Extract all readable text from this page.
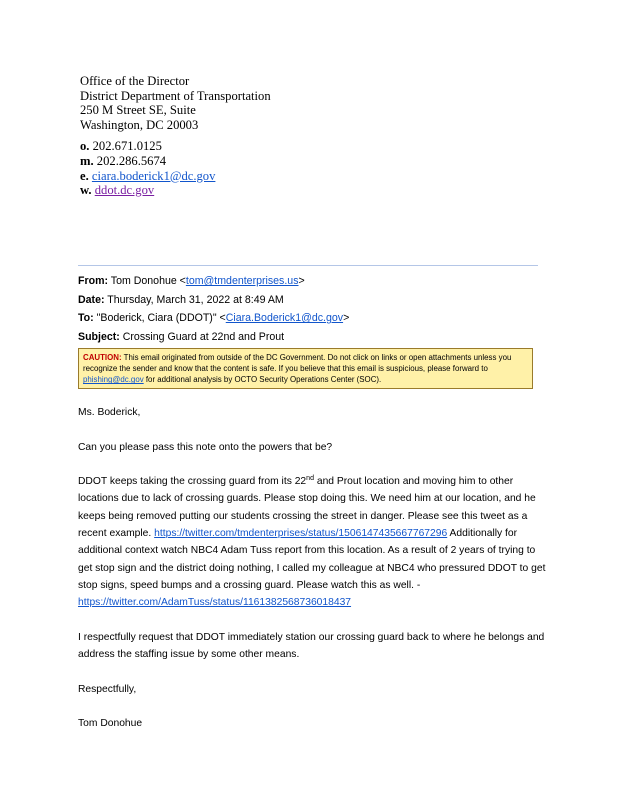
Office of the Director
District Department of Transportation
250 M Street SE, Suite
Washington, DC 20003
o. 202.671.0125
m. 202.286.5674
e. ciara.boderick1@dc.gov
w. ddot.dc.gov
From: Tom Donohue <tom@tmdenterprises.us>
Date: Thursday, March 31, 2022 at 8:49 AM
To: "Boderick, Ciara (DDOT)" <Ciara.Boderick1@dc.gov>
Subject: Crossing Guard at 22nd and Prout
CAUTION: This email originated from outside of the DC Government. Do not click on links or open attachments unless you recognize the sender and know that the content is safe. If you believe that this email is suspicious, please forward to phishing@dc.gov for additional analysis by OCTO Security Operations Center (SOC).

Ms. Boderick,

Can you please pass this note onto the powers that be?

DDOT keeps taking the crossing guard from its 22nd and Prout location and moving him to other locations due to lack of crossing guards. Please stop doing this. We need him at our location, and he keeps being removed putting our students crossing the street in danger. Please see this tweet as a recent example. https://twitter.com/tmdenterprises/status/1506147435667767296 Additionally for additional context watch NBC4 Adam Tuss report from this location. As a result of 2 years of trying to get stop sign and the district doing nothing, I called my colleague at NBC4 who pressured DDOT to get stop signs, speed bumps and a crossing guard. Please watch this as well. - https://twitter.com/AdamTuss/status/1161382568736018437

I respectfully request that DDOT immediately station our crossing guard back to where he belongs and address the staffing issue by some other means.

Respectfully,

Tom Donohue
